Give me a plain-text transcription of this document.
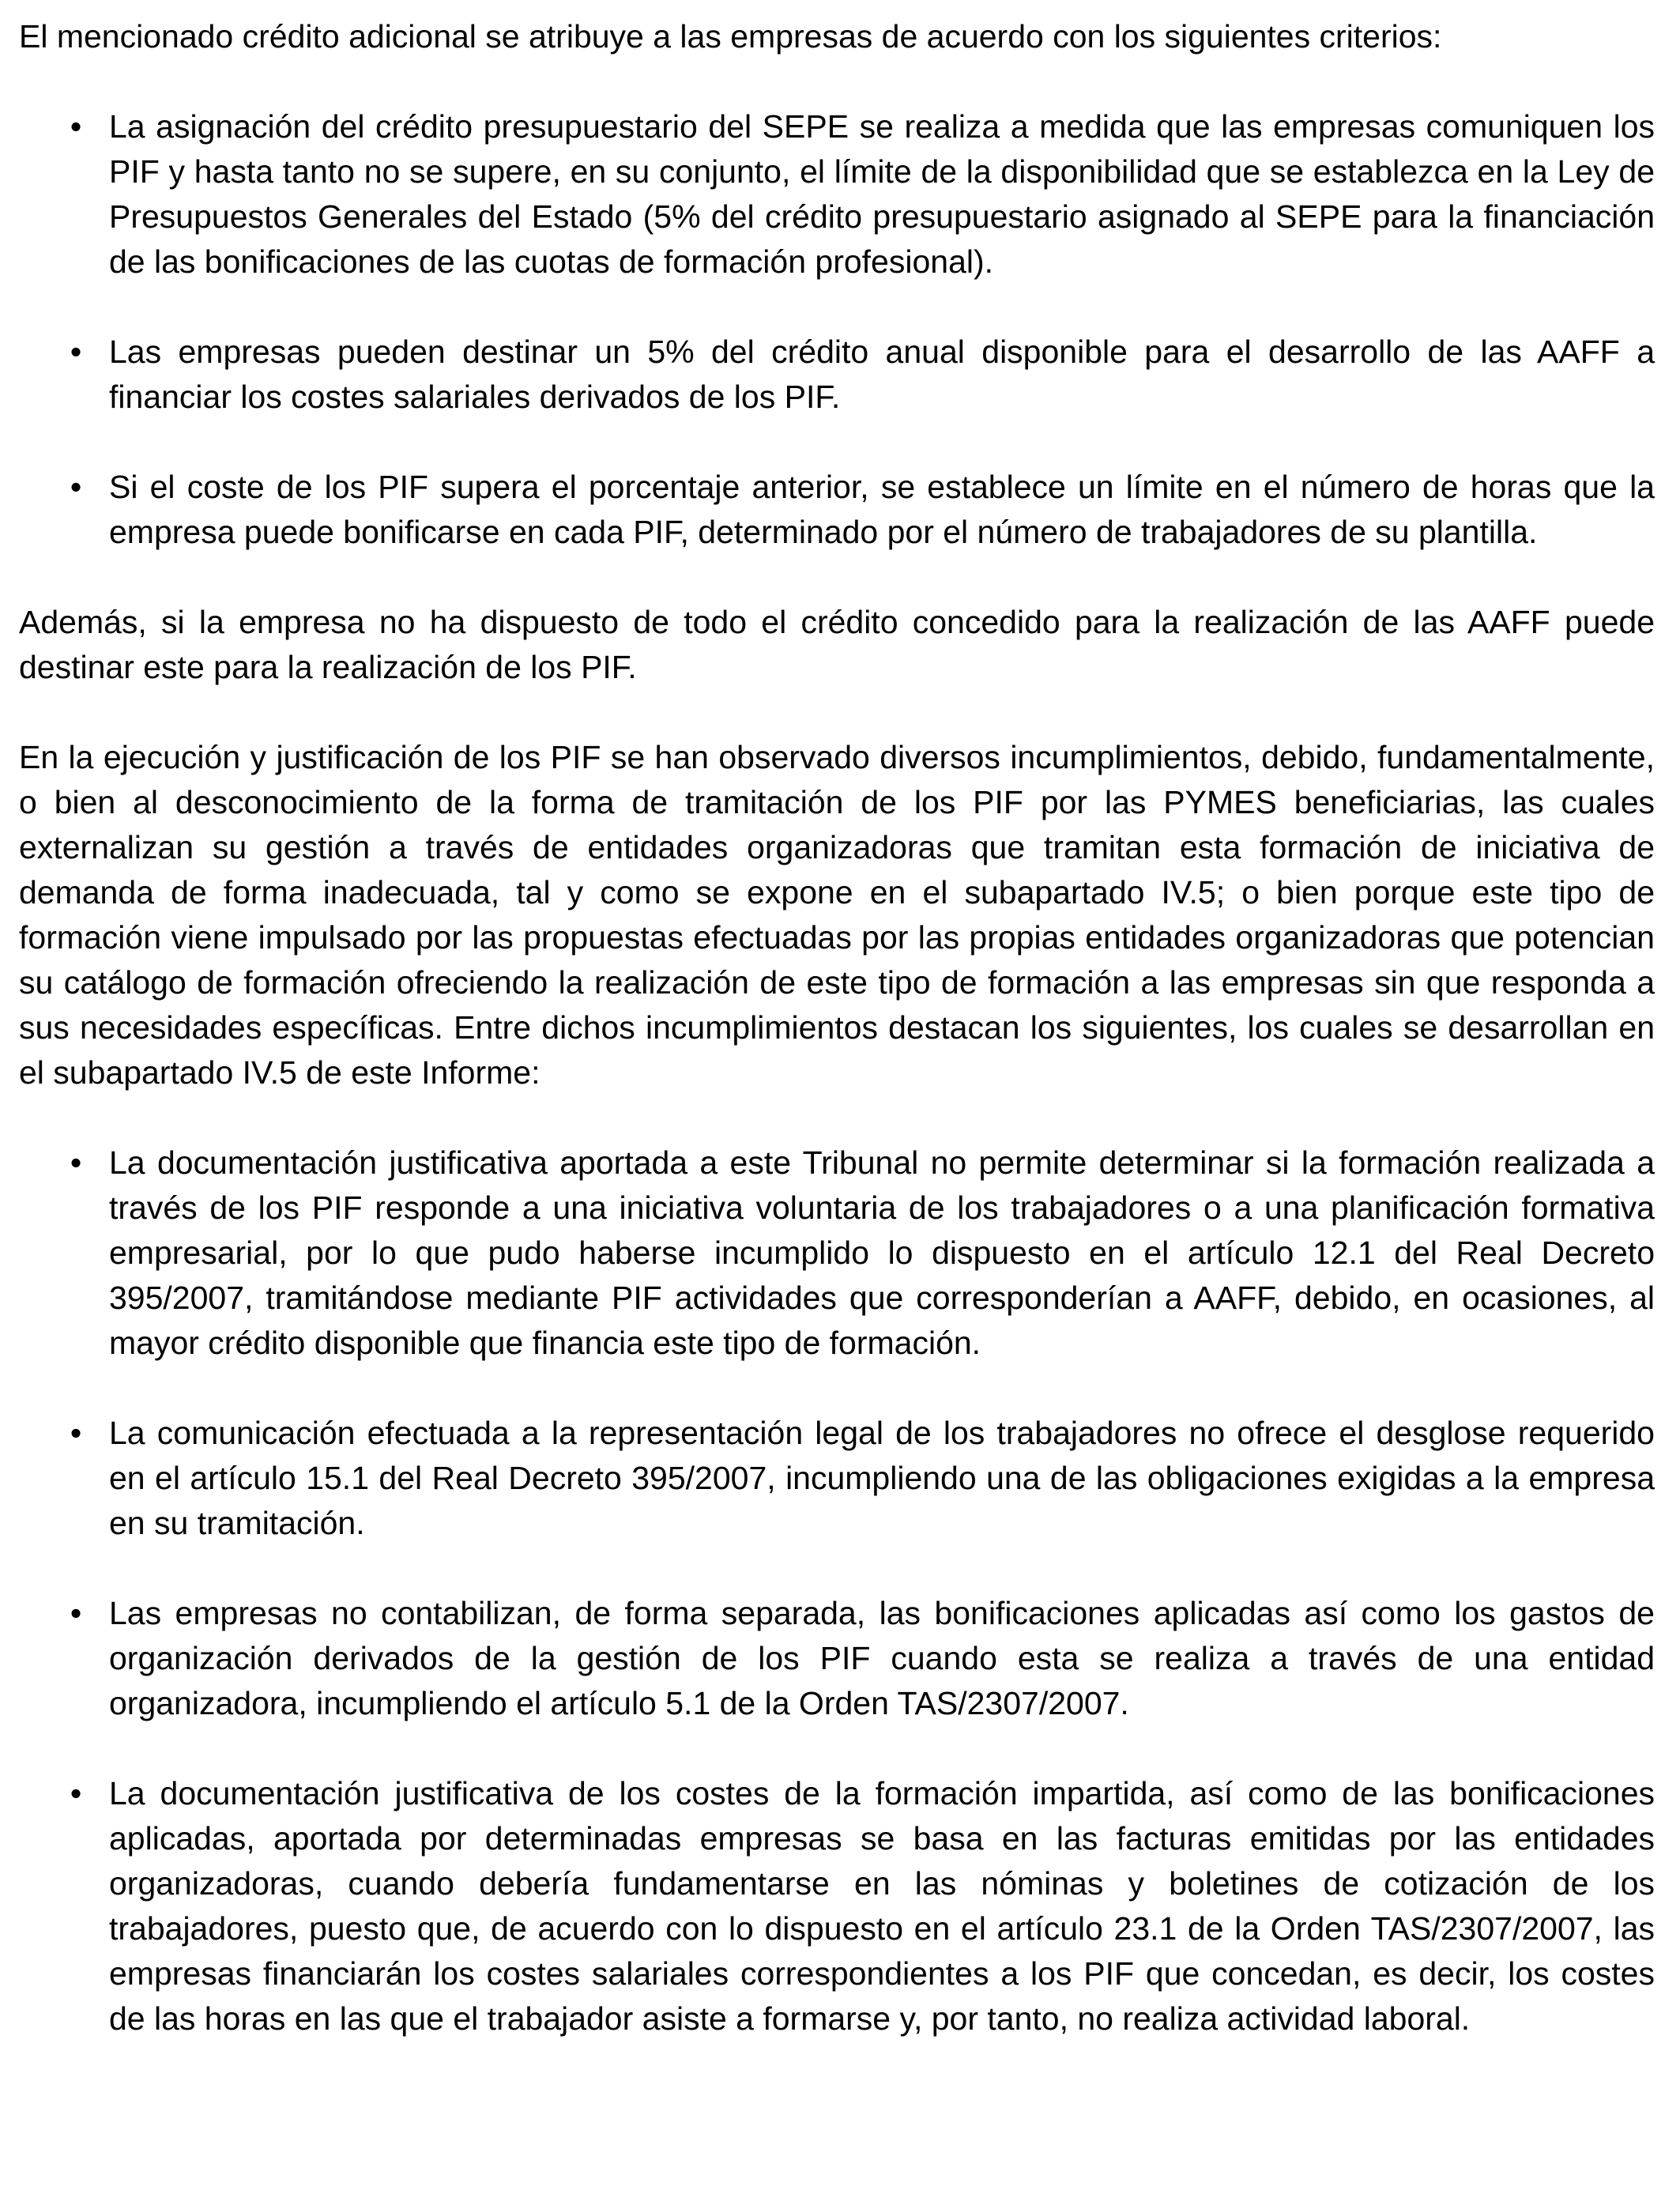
El mencionado crédito adicional se atribuye a las empresas de acuerdo con los siguientes criterios:

• La asignación del crédito presupuestario del SEPE se realiza a medida que las empresas comuniquen los PIF y hasta tanto no se supere, en su conjunto, el límite de la disponibilidad que se establezca en la Ley de Presupuestos Generales del Estado (5% del crédito presupuestario asignado al SEPE para la financiación de las bonificaciones de las cuotas de formación profesional).
• Las empresas pueden destinar un 5% del crédito anual disponible para el desarrollo de las AAFF a financiar los costes salariales derivados de los PIF.
• Si el coste de los PIF supera el porcentaje anterior, se establece un límite en el número de horas que la empresa puede bonificarse en cada PIF, determinado por el número de trabajadores de su plantilla.

Además, si la empresa no ha dispuesto de todo el crédito concedido para la realización de las AAFF puede destinar este para la realización de los PIF.

En la ejecución y justificación de los PIF se han observado diversos incumplimientos, debido, fundamentalmente, o bien al desconocimiento de la forma de tramitación de los PIF por las PYMES beneficiarias, las cuales externalizan su gestión a través de entidades organizadoras que tramitan esta formación de iniciativa de demanda de forma inadecuada, tal y como se expone en el subapartado IV.5; o bien porque este tipo de formación viene impulsado por las propuestas efectuadas por las propias entidades organizadoras que potencian su catálogo de formación ofreciendo la realización de este tipo de formación a las empresas sin que responda a sus necesidades específicas. Entre dichos incumplimientos destacan los siguientes, los cuales se desarrollan en el subapartado IV.5 de este Informe:

• La documentación justificativa aportada a este Tribunal no permite determinar si la formación realizada a través de los PIF responde a una iniciativa voluntaria de los trabajadores o a una planificación formativa empresarial, por lo que pudo haberse incumplido lo dispuesto en el artículo 12.1 del Real Decreto 395/2007, tramitándose mediante PIF actividades que corresponderían a AAFF, debido, en ocasiones, al mayor crédito disponible que financia este tipo de formación.
• La comunicación efectuada a la representación legal de los trabajadores no ofrece el desglose requerido en el artículo 15.1 del Real Decreto 395/2007, incumpliendo una de las obligaciones exigidas a la empresa en su tramitación.
• Las empresas no contabilizan, de forma separada, las bonificaciones aplicadas así como los gastos de organización derivados de la gestión de los PIF cuando esta se realiza a través de una entidad organizadora, incumpliendo el artículo 5.1 de la Orden TAS/2307/2007.
• La documentación justificativa de los costes de la formación impartida, así como de las bonificaciones aplicadas, aportada por determinadas empresas se basa en las facturas emitidas por las entidades organizadoras, cuando debería fundamentarse en las nóminas y boletines de cotización de los trabajadores, puesto que, de acuerdo con lo dispuesto en el artículo 23.1 de la Orden TAS/2307/2007, las empresas financiarán los costes salariales correspondientes a los PIF que concedan, es decir, los costes de las horas en las que el trabajador asiste a formarse y, por tanto, no realiza actividad laboral.
